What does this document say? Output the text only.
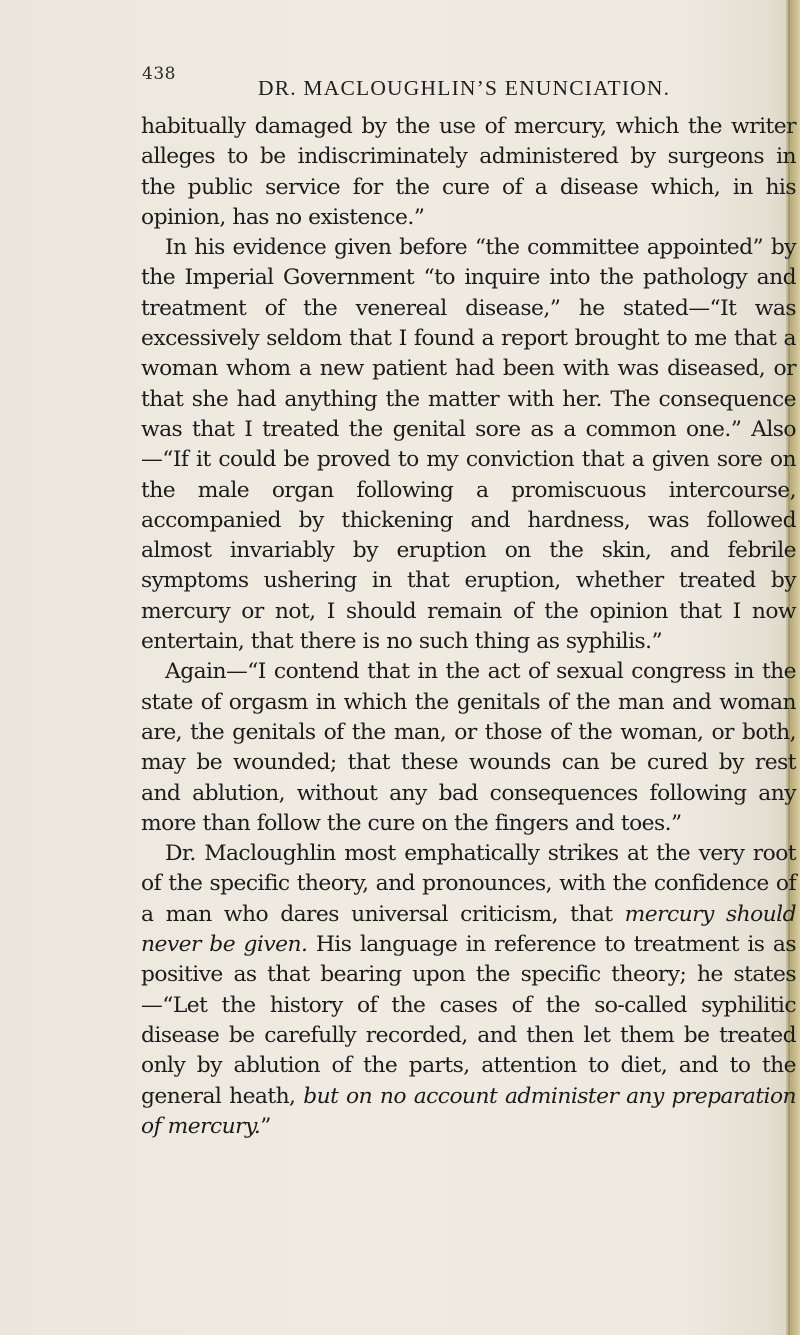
438
DR. MACLOUGHLIN’S ENUNCIATION.

habitually damaged by the use of mercury, which the writer alleges to be indiscriminately administered by surgeons in the public service for the cure of a disease which, in his opinion, has no existence.”

In his evidence given before “the committee appointed” by the Imperial Government “to inquire into the pathology and treatment of the venereal disease,” he stated—“It was excessively seldom that I found a report brought to me that a woman whom a new patient had been with was diseased, or that she had anything the matter with her. The consequence was that I treated the genital sore as a common one.” Also—“If it could be proved to my conviction that a given sore on the male organ following a promiscuous intercourse, accompanied by thickening and hardness, was followed almost invariably by eruption on the skin, and febrile symptoms ushering in that eruption, whether treated by mercury or not, I should remain of the opinion that I now entertain, that there is no such thing as syphilis.”

Again—“I contend that in the act of sexual congress in the state of orgasm in which the genitals of the man and woman are, the genitals of the man, or those of the woman, or both, may be wounded; that these wounds can be cured by rest and ablution, without any bad consequences following any more than follow the cure on the fingers and toes.”

Dr. Macloughlin most emphatically strikes at the very root of the specific theory, and pronounces, with the confidence of a man who dares universal criticism, that mercury should never be given. His language in reference to treatment is as positive as that bearing upon the specific theory; he states—“Let the history of the cases of the so-called syphilitic disease be carefully recorded, and then let them be treated only by ablution of the parts, attention to diet, and to the general heath, but on no account administer any preparation of mercury.”
